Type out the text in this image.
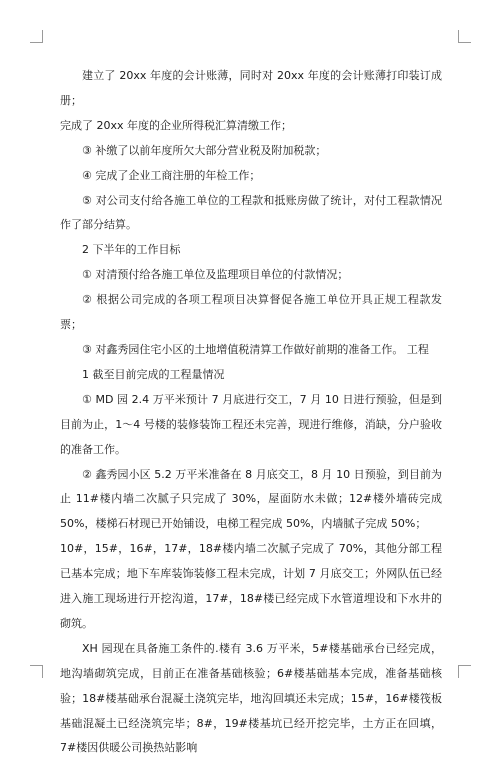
建立了 20xx 年度的会计账薄，同时对 20xx 年度的会计账薄打印装订成册；

完成了 20xx 年度的企业所得税汇算清缴工作；

③ 补缴了以前年度所欠大部分营业税及附加税款；

④ 完成了企业工商注册的年检工作；

⑤ 对公司支付给各施工单位的工程款和抵账房做了统计，对付工程款情况作了部分结算。

2 下半年的工作目标

① 对清预付给各施工单位及监理项目单位的付款情况；

② 根据公司完成的各项工程项目决算督促各施工单位开具正规工程款发票；

③ 对鑫秀园住宅小区的土地增值税清算工作做好前期的准备工作。 工程

1 截至目前完成的工程量情况

① MD 园 2.4 万平米预计 7 月底进行交工，7 月 10 日进行预验，但是到目前为止，1～4 号楼的装修装饰工程还未完善，现进行维修，消缺，分户验收的准备工作。

② 鑫秀园小区 5.2 万平米准备在 8 月底交工，8 月 10 日预验，到目前为止 11#楼内墙二次腻子只完成了 30%，屋面防水未做；12#楼外墙砖完成 50%，楼梯石材现已开始铺设，电梯工程完成 50%，内墙腻子完成 50%；

10#，15#，16#，17#，18#楼内墙二次腻子完成了 70%，其他分部工程已基本完成；地下车库装饰装修工程未完成，计划 7 月底交工；外网队伍已经进入施工现场进行开挖沟道，17#，18#楼已经完成下水管道埋设和下水井的砌筑。

XH 园现在具备施工条件的.楼有 3.6 万平米，5#楼基础承台已经完成，地沟墙砌筑完成，目前正在准备基础核验；6#楼基础基本完成，准备基础核验；18#楼基础承台混凝土浇筑完毕，地沟回填还未完成；15#，16#楼筏板基础混凝土已经浇筑完毕；8#，19#楼基坑已经开挖完毕，土方正在回填，7#楼因供暖公司换热站影响
